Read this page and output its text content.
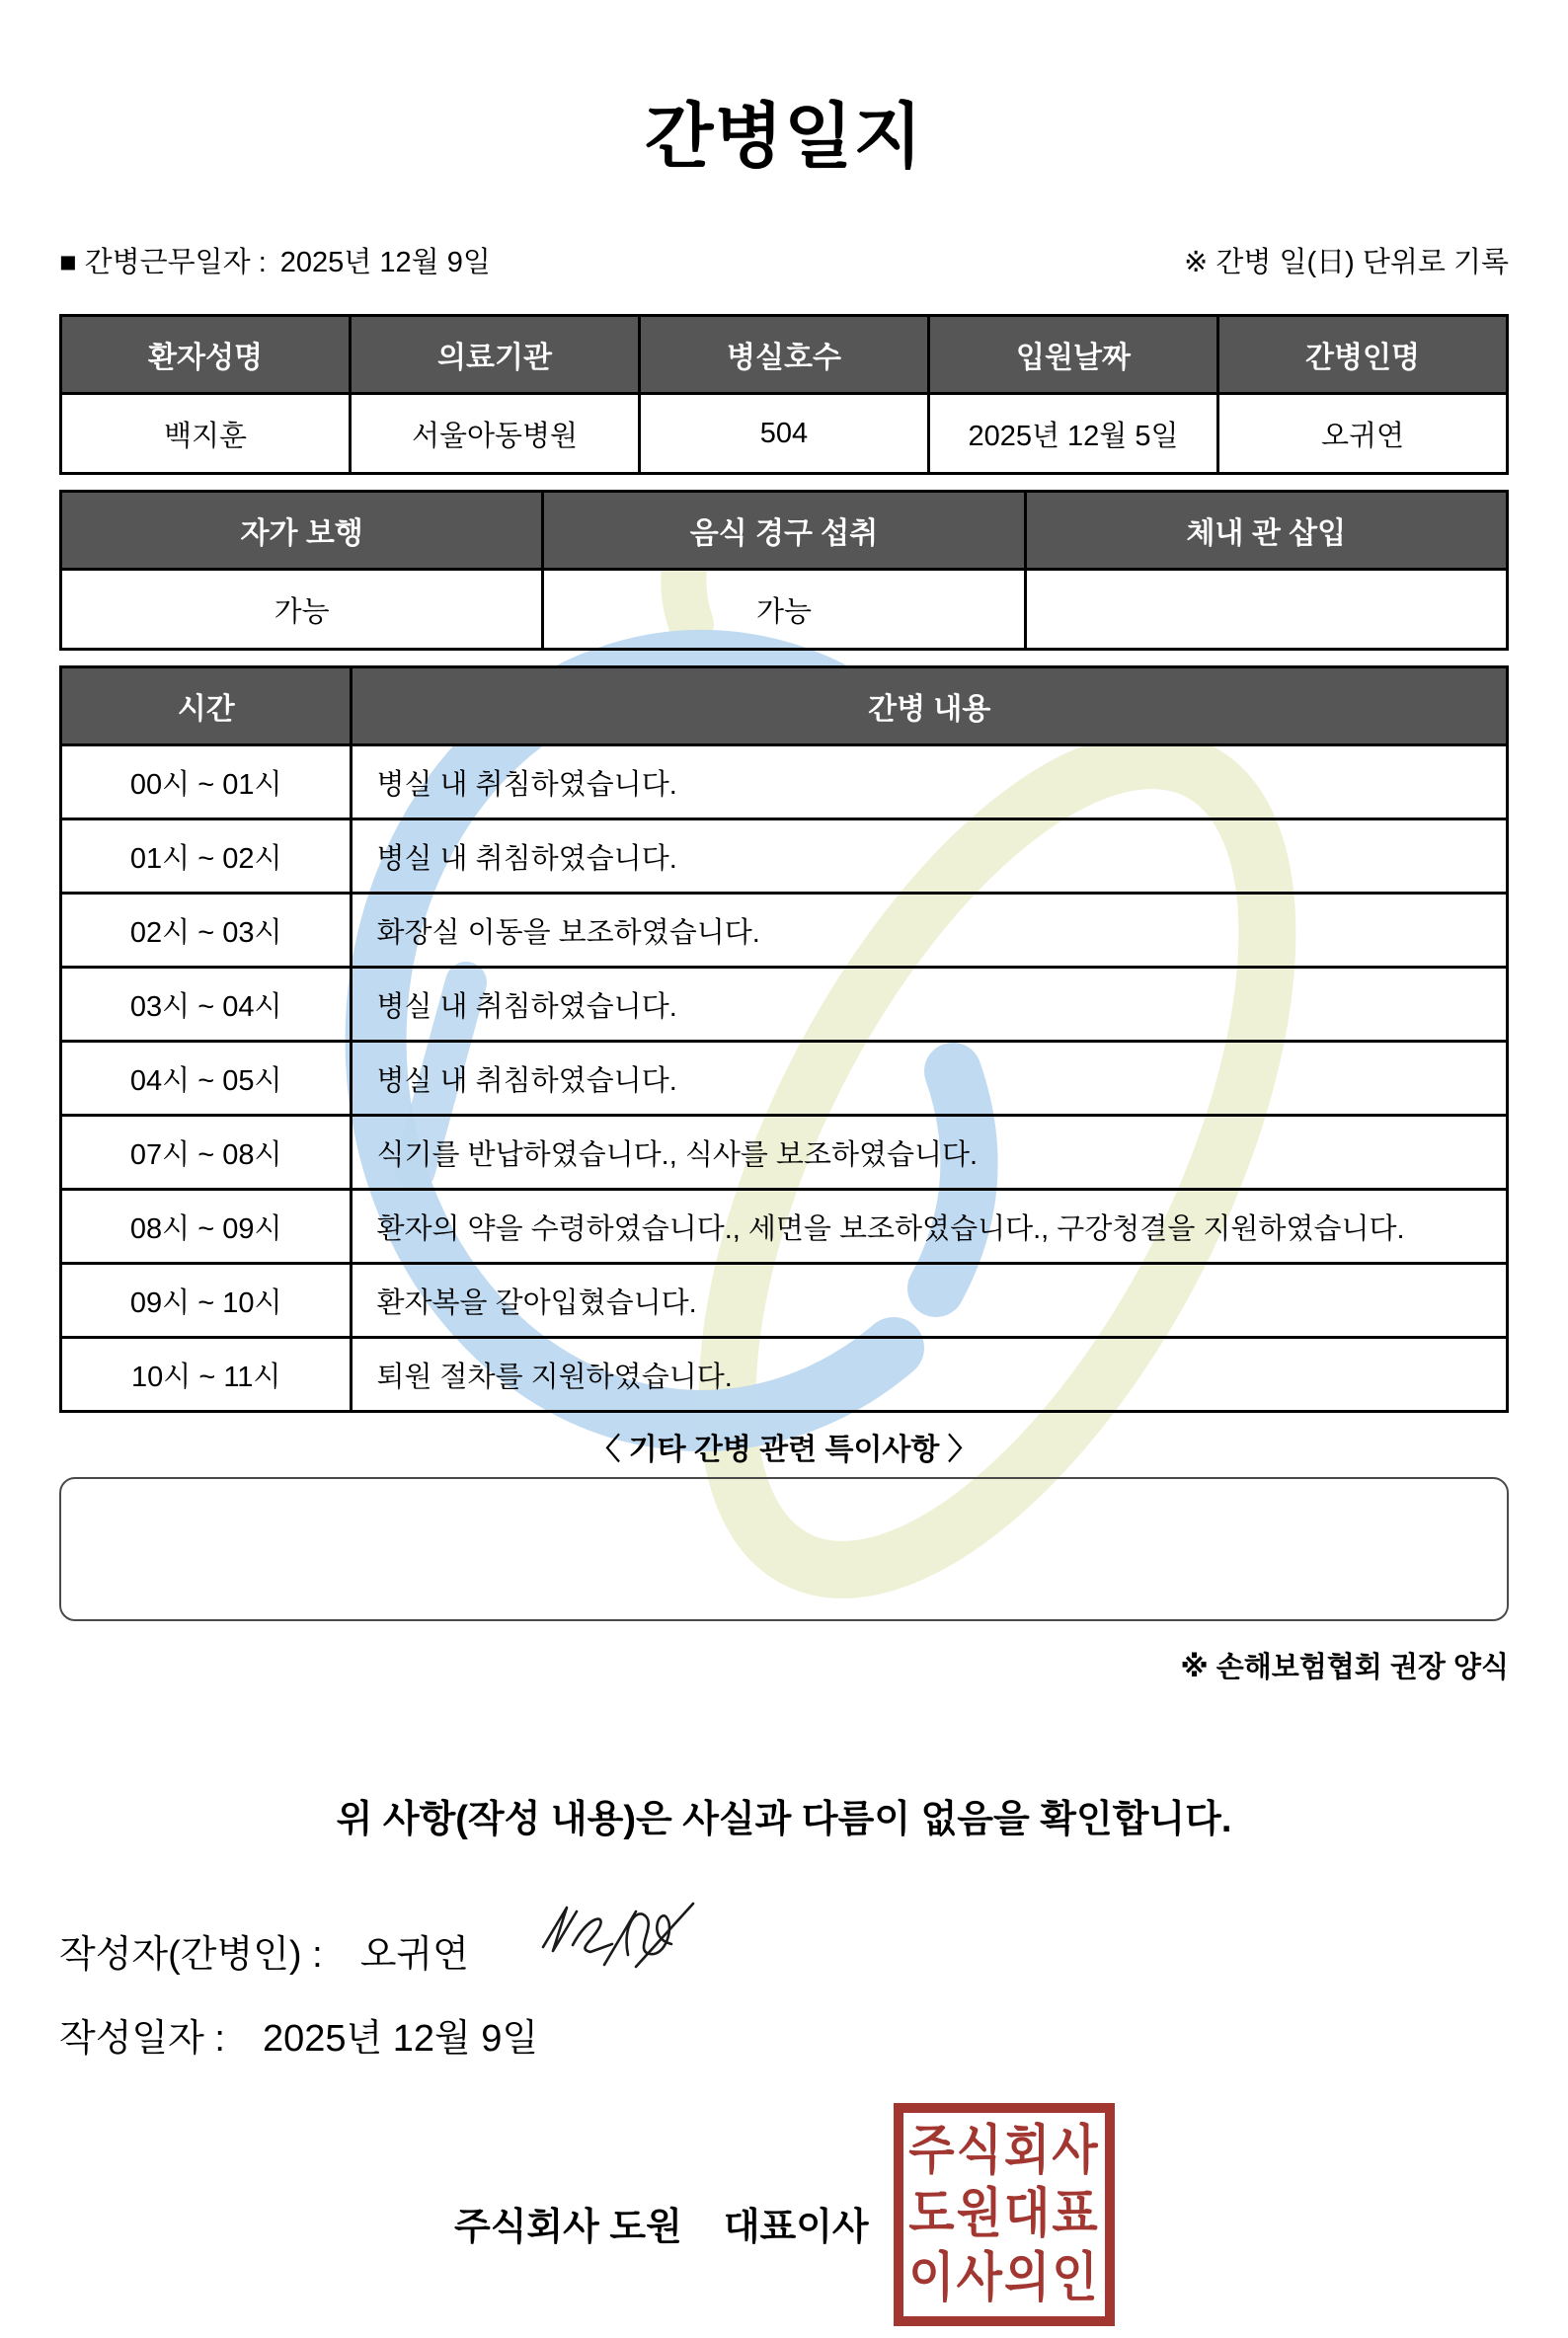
간병일지
■ 간병근무일자 : 2025년 12월 9일	※ 간병 일(日) 단위로 기록
환자성명	의료기관	병실호수	입원날짜	간병인명
백지훈	서울아동병원	504	2025년 12월 5일	오귀연
자가 보행	음식 경구 섭취	체내 관 삽입
가능	가능	
시간	간병 내용
00시 ~ 01시	병실 내 취침하였습니다.
01시 ~ 02시	병실 내 취침하였습니다.
02시 ~ 03시	화장실 이동을 보조하였습니다.
03시 ~ 04시	병실 내 취침하였습니다.
04시 ~ 05시	병실 내 취침하였습니다.
07시 ~ 08시	식기를 반납하였습니다., 식사를 보조하였습니다.
08시 ~ 09시	환자의 약을 수령하였습니다., 세면을 보조하였습니다., 구강청결을 지원하였습니다.
09시 ~ 10시	환자복을 갈아입혔습니다.
10시 ~ 11시	퇴원 절차를 지원하였습니다.
〈 기타 간병 관련 특이사항 〉
※ 손해보험협회 권장 양식
위 사항(작성 내용)은 사실과 다름이 없음을 확인합니다.
작성자(간병인) : 오귀연
작성일자 : 2025년 12월 9일
주식회사 도원 대표이사
주식회사
도원대표
이사의인
